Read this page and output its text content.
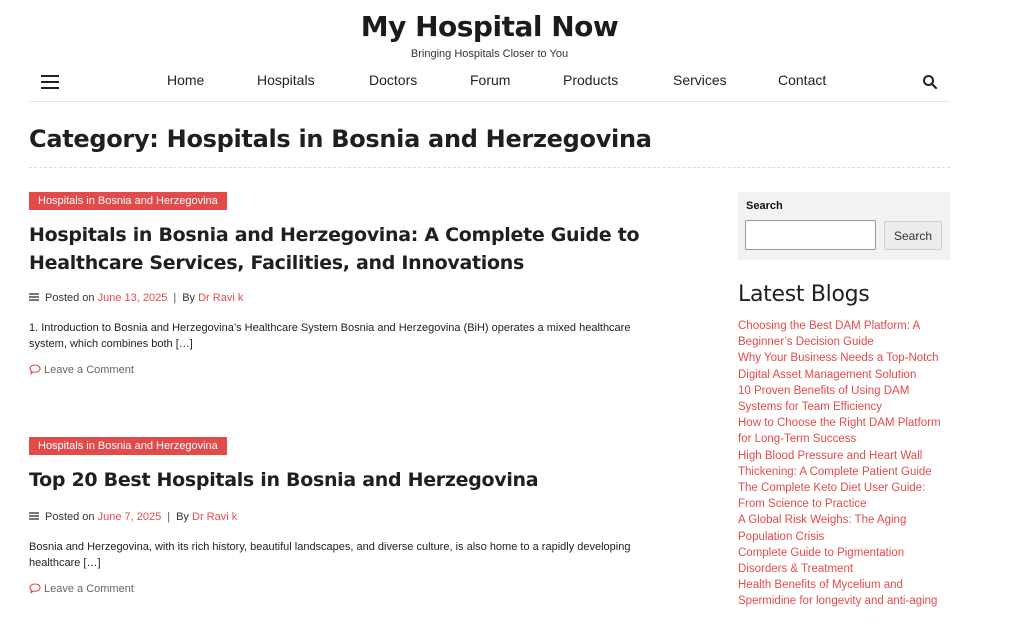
My Hospital Now
Bringing Hospitals Closer to You
Home	Hospitals	Doctors	Forum	Products	Services	Contact
Category: Hospitals in Bosnia and Herzegovina
Hospitals in Bosnia and Herzegovina
Hospitals in Bosnia and Herzegovina: A Complete Guide to Healthcare Services, Facilities, and Innovations
Posted on June 13, 2025 | By Dr Ravi k
1. Introduction to Bosnia and Herzegovina’s Healthcare System Bosnia and Herzegovina (BiH) operates a mixed healthcare system, which combines both […]
Leave a Comment
Hospitals in Bosnia and Herzegovina
Top 20 Best Hospitals in Bosnia and Herzegovina
Posted on June 7, 2025 | By Dr Ravi k
Bosnia and Herzegovina, with its rich history, beautiful landscapes, and diverse culture, is also home to a rapidly developing healthcare […]
Leave a Comment
Search
Search
Latest Blogs
Choosing the Best DAM Platform: A Beginner’s Decision Guide
Why Your Business Needs a Top-Notch Digital Asset Management Solution
10 Proven Benefits of Using DAM Systems for Team Efficiency
How to Choose the Right DAM Platform for Long-Term Success
High Blood Pressure and Heart Wall Thickening: A Complete Patient Guide
The Complete Keto Diet User Guide: From Science to Practice
A Global Risk Weighs: The Aging Population Crisis
Complete Guide to Pigmentation Disorders & Treatment
Health Benefits of Mycelium and Spermidine for longevity and anti-aging
